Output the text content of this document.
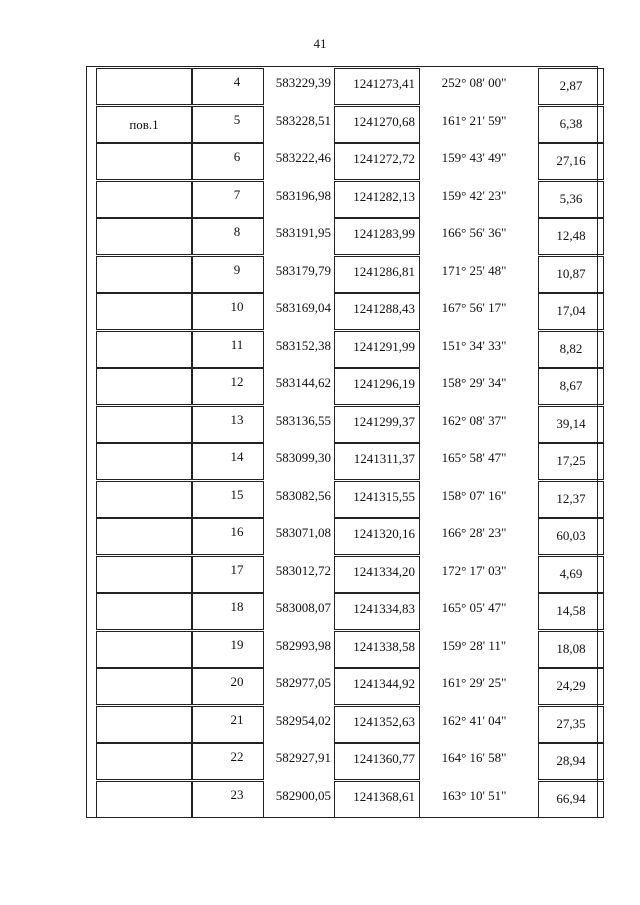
41
4	583229,39	1241273,41	252° 08' 00"	2,87
пов.1	5	583228,51	1241270,68	161° 21' 59"	6,38
6	583222,46	1241272,72	159° 43' 49"	27,16
7	583196,98	1241282,13	159° 42' 23"	5,36
8	583191,95	1241283,99	166° 56' 36"	12,48
9	583179,79	1241286,81	171° 25' 48"	10,87
10	583169,04	1241288,43	167° 56' 17"	17,04
11	583152,38	1241291,99	151° 34' 33"	8,82
12	583144,62	1241296,19	158° 29' 34"	8,67
13	583136,55	1241299,37	162° 08' 37"	39,14
14	583099,30	1241311,37	165° 58' 47"	17,25
15	583082,56	1241315,55	158° 07' 16"	12,37
16	583071,08	1241320,16	166° 28' 23"	60,03
17	583012,72	1241334,20	172° 17' 03"	4,69
18	583008,07	1241334,83	165° 05' 47"	14,58
19	582993,98	1241338,58	159° 28' 11"	18,08
20	582977,05	1241344,92	161° 29' 25"	24,29
21	582954,02	1241352,63	162° 41' 04"	27,35
22	582927,91	1241360,77	164° 16' 58"	28,94
23	582900,05	1241368,61	163° 10' 51"	66,94
